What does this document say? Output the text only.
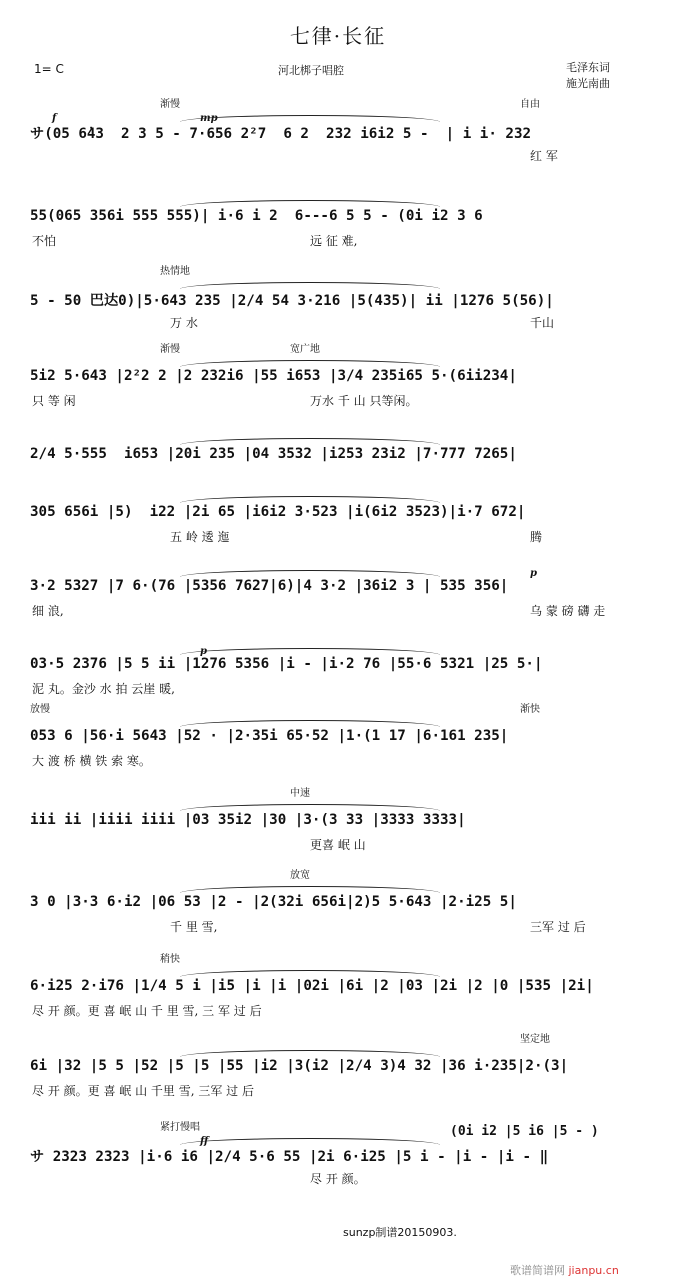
七律·长征
1= C	河北梆子唱腔	毛泽东词
施光南曲
渐慢	自由
f	mp
サ(05 6̇43  2 3 5 - 7·656 2²7  6 2  232 i6i2 5 -  | i i· 232
红 军
55(065 356i 555 555)| i·6 i 2  6---6 5 5 - (0i i2 3 6
不怕	远 征 难,
热情地
5 - 50 巴达0)|5·643 235 |2/4 54 3·216 |5(435)| ii |1276 5(56)|
万 水	千山
渐慢	宽广地
5i2 5·643 |2²2 2 |2 232i6 |55 i653 |3/4 235i65 5·(6ii234|
只 等 闲	万水 千 山 只等闲。
2/4 5·555  i653 |20i 235 |04 3532 |i253 23i2 |7·777 7265|
305 656i |5)  i22 |2i 65 |i6i2 3·523 |i(6i2 3523)|i·7 672|
五 岭 逶 迤	腾
p
3·2 5327 |7 6·(76 |5356 7627|6)|4 3·2 |36i2 3 | 535 356|
细 浪,	乌 蒙 磅 礴 走
p
03·5 2376 |5 5 ii |1276 5356 |i - |i·2 76 |55·6 5321 |25 5·|
泥 丸。金沙 水 拍 云崖 暖,
放慢	渐快
053 6 |56·i 5643 |52 · |2·35i 65·52 |1·(1 17 |6·161 235|
大 渡 桥 横 铁 索 寒。
中速
iii ii |iiii iiii |03 35i2 |30 |3·(3 33 |3333 3333|
更喜 岷 山
放宽
3 0 |3·3 6·i2 |06 53 |2 - |2(32i 656i|2)5 5·643 |2·i25 5|
千 里 雪,	三军 过 后
稍快
6·i25 2·i76 |1/4 5 i |i5 |i |i |02i |6i |2 |03 |2i |2 |0 |535 |2i|
尽 开 颜。更 喜 岷 山 千 里 雪, 三 军 过 后
坚定地
6i |32 |5 5 |52 |5 |5 |55 |i2 |3(i2 |2/4 3)4 32 |36 i·235|2·(3|
尽 开 颜。更 喜 岷 山 千里 雪, 三军 过 后
紧打慢唱	(0i i2 |5 i6 |5 - )
ff
サ 2323 2323 |i·6 i6 |2/4 5·6 55 |2i 6·i25 |5 i - |i - |i - ‖
尽 开 颜。
sunzp制谱20150903.
歌谱简谱网 jianpu.cn
